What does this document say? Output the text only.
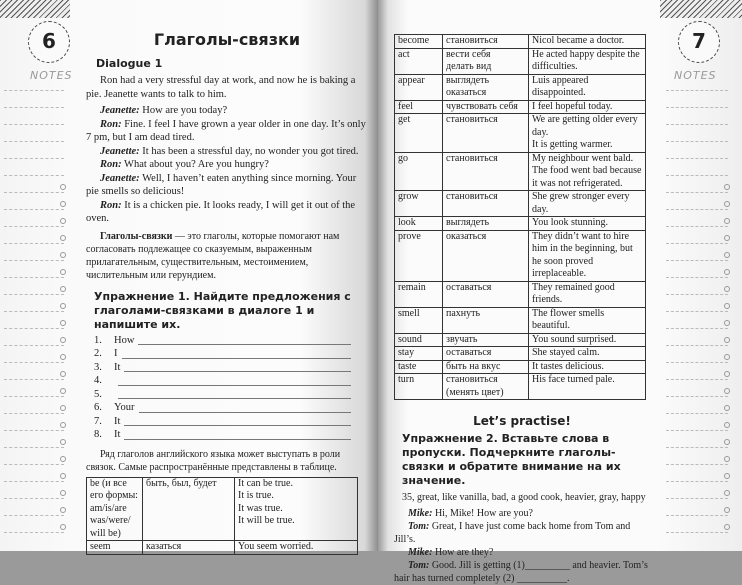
6
NOTES
Глаголы-связки
Dialogue 1

Ron had a very stressful day at work, and now he is baking a pie. Jeanette wants to talk to him.

Jeanette: How are you today?

Ron: Fine. I feel I have grown a year older in one day. It’s only 7 pm, but I am dead tired.

Jeanette: It has been a stressful day, no wonder you got tired.

Ron: What about you? Are you hungry?

Jeanette: Well, I haven’t eaten anything since morning. Your pie smells so delicious!

Ron: It is a chicken pie. It looks ready, I will get it out of the oven.

Глаголы-связки — это глаголы, которые помогают нам согласовать подлежащее со сказуемым, выраженным прилагательным, существительным, местоимением, числительным или герундием.

Упражнение 1. Найдите предложения с глаголами-связками в диалоге 1 и напишите их.
1.	How
2.	I
3.	It
4.
5.
6.	Your
7.	It
8.	It

Ряд глаголов английского языка может выступать в роли связок. Самые распространённые представлены в таблице.

be (и все
его формы:
am/is/are
was/were/
will be)	быть, был, будет	It can be true.
It is true.
It was true.
It will be true.
seem	казаться	You seem worried.
7
NOTES
become	становиться	Nicol became a doctor.
act	вести себя
делать вид	He acted happy despite the difficulties.
appear	выглядеть
оказаться	Luis appeared disappointed.
feel	чувствовать себя	I feel hopeful today.
get	становиться	We are getting older every day.
It is getting warmer.
go	становиться	My neighbour went bald.
The food went bad because it was not refrigerated.
grow	становиться	She grew stronger every day.
look	выглядеть	You look stunning.
prove	оказаться	They didn’t want to hire him in the beginning, but he soon proved irreplaceable.
remain	оставаться	They remained good friends.
smell	пахнуть	The flower smells beautiful.
sound	звучать	You sound surprised.
stay	оставаться	She stayed calm.
taste	быть на вкус	It tastes delicious.
turn	становиться (менять цвет)	His face turned pale.
Let’s practise!
Упражнение 2. Вставьте слова в пропуски. Подчеркните глаголы-связки и обратите внимание на их значение.

35, great, like vanilla, bad, a good cook, heavier, gray, happy

Mike: Hi, Mike! How are you?

Tom: Great, I have just come back home from Tom and Jill’s.

Mike: How are they?

Tom: Good. Jill is getting (1)_________ and heavier. Tom’s hair has turned completely (2) __________.
